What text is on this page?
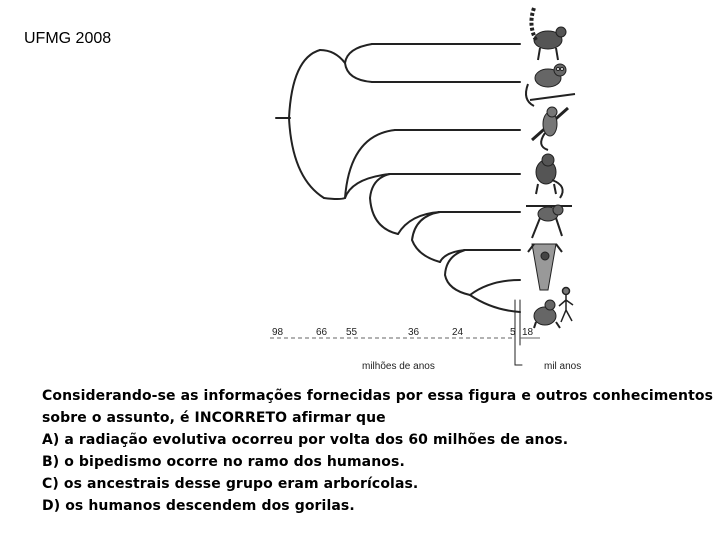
UFMG 2008
98	66 55	36	24	5 18
milhões de anos	mil anos
Considerando-se as informações fornecidas por essa figura e outros conhecimentos
sobre o assunto, é INCORRETO afirmar que
A) a radiação evolutiva ocorreu por volta dos 60 milhões de anos.
B) o bipedismo ocorre no ramo dos humanos.
C) os ancestrais desse grupo eram arborícolas.
D) os humanos descendem dos gorilas.
